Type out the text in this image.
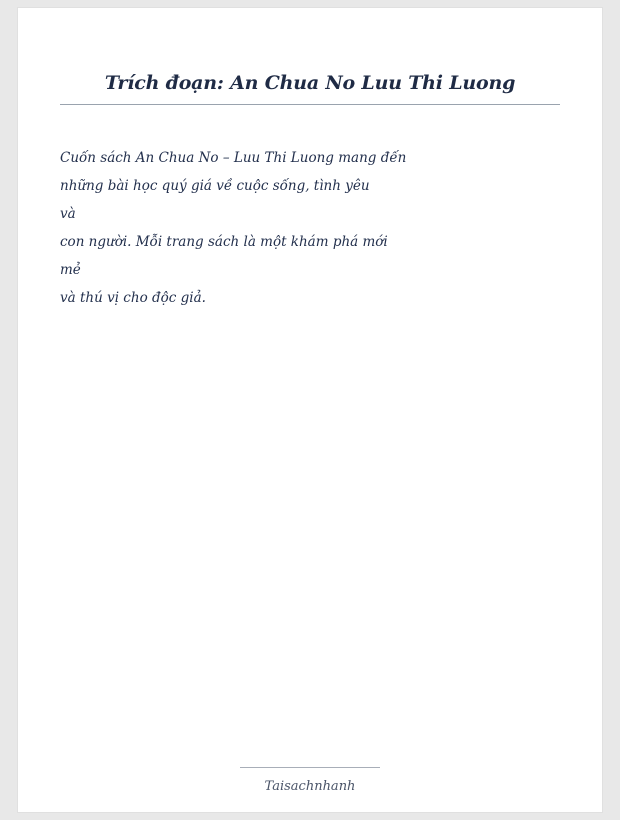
Trích đoạn: An Chua No Luu Thi Luong
Cuốn sách An Chua No – Luu Thi Luong mang đến
những bài học quý giá về cuộc sống, tình yêu
và
con người. Mỗi trang sách là một khám phá mới
mẻ
và thú vị cho độc giả.
Taisachnhanh
